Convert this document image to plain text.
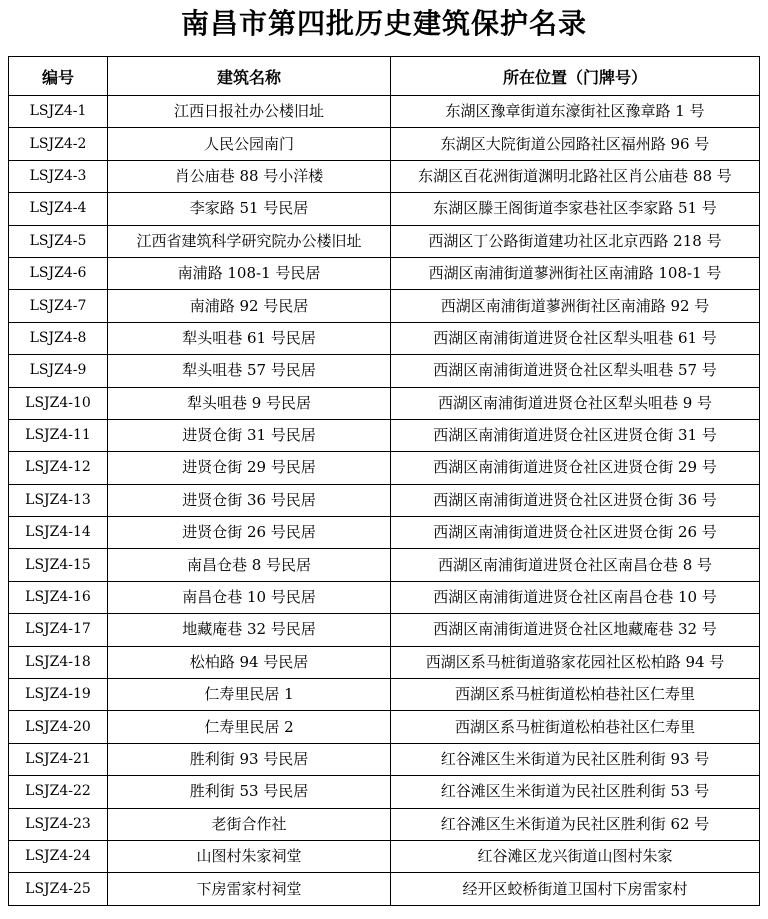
南昌市第四批历史建筑保护名录
编号	建筑名称	所在位置（门牌号）
LSJZ4-1	江西日报社办公楼旧址	东湖区豫章街道东濠街社区豫章路 1 号
LSJZ4-2	人民公园南门	东湖区大院街道公园路社区福州路 96 号
LSJZ4-3	肖公庙巷 88 号小洋楼	东湖区百花洲街道渊明北路社区肖公庙巷 88 号
LSJZ4-4	李家路 51 号民居	东湖区滕王阁街道李家巷社区李家路 51 号
LSJZ4-5	江西省建筑科学研究院办公楼旧址	西湖区丁公路街道建功社区北京西路 218 号
LSJZ4-6	南浦路 108-1 号民居	西湖区南浦街道蓼洲街社区南浦路 108-1 号
LSJZ4-7	南浦路 92 号民居	西湖区南浦街道蓼洲街社区南浦路 92 号
LSJZ4-8	犁头咀巷 61 号民居	西湖区南浦街道进贤仓社区犁头咀巷 61 号
LSJZ4-9	犁头咀巷 57 号民居	西湖区南浦街道进贤仓社区犁头咀巷 57 号
LSJZ4-10	犁头咀巷 9 号民居	西湖区南浦街道进贤仓社区犁头咀巷 9 号
LSJZ4-11	进贤仓街 31 号民居	西湖区南浦街道进贤仓社区进贤仓街 31 号
LSJZ4-12	进贤仓街 29 号民居	西湖区南浦街道进贤仓社区进贤仓街 29 号
LSJZ4-13	进贤仓街 36 号民居	西湖区南浦街道进贤仓社区进贤仓街 36 号
LSJZ4-14	进贤仓街 26 号民居	西湖区南浦街道进贤仓社区进贤仓街 26 号
LSJZ4-15	南昌仓巷 8 号民居	西湖区南浦街道进贤仓社区南昌仓巷 8 号
LSJZ4-16	南昌仓巷 10 号民居	西湖区南浦街道进贤仓社区南昌仓巷 10 号
LSJZ4-17	地藏庵巷 32 号民居	西湖区南浦街道进贤仓社区地藏庵巷 32 号
LSJZ4-18	松柏路 94 号民居	西湖区系马桩街道骆家花园社区松柏路 94 号
LSJZ4-19	仁寿里民居 1	西湖区系马桩街道松柏巷社区仁寿里
LSJZ4-20	仁寿里民居 2	西湖区系马桩街道松柏巷社区仁寿里
LSJZ4-21	胜利街 93 号民居	红谷滩区生米街道为民社区胜利街 93 号
LSJZ4-22	胜利街 53 号民居	红谷滩区生米街道为民社区胜利街 53 号
LSJZ4-23	老街合作社	红谷滩区生米街道为民社区胜利街 62 号
LSJZ4-24	山图村朱家祠堂	红谷滩区龙兴街道山图村朱家
LSJZ4-25	下房雷家村祠堂	经开区蛟桥街道卫国村下房雷家村
